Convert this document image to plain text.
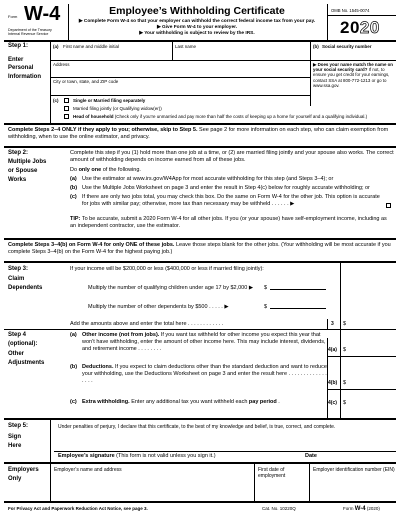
Form W-4
Department of the Treasury
Internal Revenue Service
Employee’s Withholding Certificate
▶ Complete Form W-4 so that your employer can withhold the correct federal income tax from your pay.
▶ Give Form W-4 to your employer.
▶ Your withholding is subject to review by the IRS.
OMB No. 1545-0074
2020
Step 1:
Enter
Personal
Information
(a) First name and middle initial	Last name	(b) Social security number
▶ Does your name match the name on your social security card? If not, to ensure you get credit for your earnings, contact SSA at 800-772-1213 or go to www.ssa.gov.
Address
City or town, state, and ZIP code
(c)	Single or Married filing separately
Married filing jointly (or Qualifying widow(er))
Head of household (Check only if you’re unmarried and pay more than half the costs of keeping up a home for yourself and a qualifying individual.)
Complete Steps 2–4 ONLY if they apply to you; otherwise, skip to Step 5. See page 2 for more information on each step, who can claim exemption from withholding, when to use the online estimator, and privacy.
Step 2:
Multiple Jobs
or Spouse
Works
Complete this step if you (1) hold more than one job at a time, or (2) are married filing jointly and your spouse also works. The correct amount of withholding depends on income earned from all of these jobs.
Do only one of the following.
(a) Use the estimator at www.irs.gov/W4App for most accurate withholding for this step (and Steps 3–4); or
(b) Use the Multiple Jobs Worksheet on page 3 and enter the result in Step 4(c) below for roughly accurate withholding; or
(c) If there are only two jobs total, you may check this box. Do the same on Form W-4 for the other job. This option is accurate for jobs with similar pay; otherwise, more tax than necessary may be withheld . . . . . . ▶
TIP: To be accurate, submit a 2020 Form W-4 for all other jobs. If you (or your spouse) have self-employment income, including as an independent contractor, use the estimator.
Complete Steps 3–4(b) on Form W-4 for only ONE of these jobs. Leave those steps blank for the other jobs. (Your withholding will be most accurate if you complete Steps 3–4(b) on the Form W-4 for the highest paying job.)
Step 3:
Claim
Dependents
If your income will be $200,000 or less ($400,000 or less if married filing jointly):
Multiply the number of qualifying children under age 17 by $2,000 ▶ $
Multiply the number of other dependents by $500 . . . . . ▶	$
Add the amounts above and enter the total here . . . . . . . . . . . .	3 $
Step 4
(optional):
Other
Adjustments
(a) Other income (not from jobs). If you want tax withheld for other income you expect this year that won’t have withholding, enter the amount of other income here. This may include interest, dividends, and retirement income . . . . . . . .	4(a) $
(b) Deductions. If you expect to claim deductions other than the standard deduction and want to reduce your withholding, use the Deductions Worksheet on page 3 and enter the result here . . . . . . . . . . . . . . . . .	4(b) $
(c) Extra withholding. Enter any additional tax you want withheld each pay period .	4(c) $
Step 5:
Sign
Here
Under penalties of perjury, I declare that this certificate, to the best of my knowledge and belief, is true, correct, and complete.
Employee’s signature (This form is not valid unless you sign it.)	Date
Employers
Only
Employer’s name and address	First date of employment
Employer identification number (EIN)
For Privacy Act and Paperwork Reduction Act Notice, see page 3.	Cat. No. 10220Q	Form W-4 (2020)
